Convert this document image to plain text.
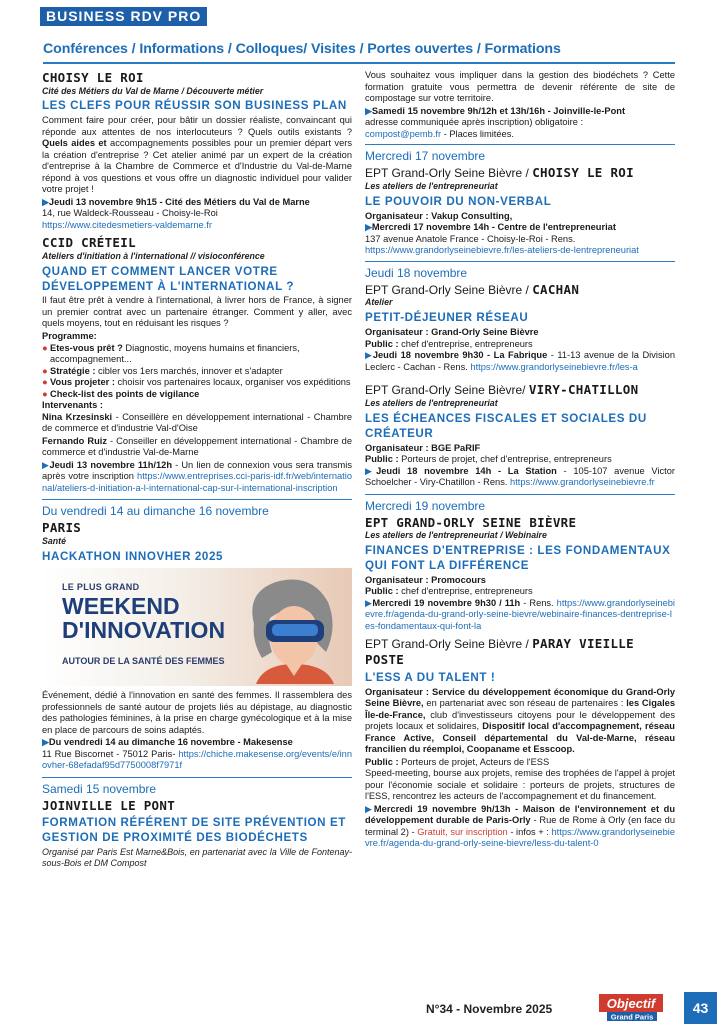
BUSINESS RDV PRO
Conférences / Informations / Colloques/ Visites / Portes ouvertes / Formations
CHOISY LE ROI
Cité des Métiers du Val de Marne / Découverte métier
LES CLEFS POUR RÉUSSIR SON BUSINESS PLAN

Comment faire pour créer, pour bâtir un dossier réaliste, convaincant qui réponde aux attentes de nos interlocuteurs ? Quels outils existants ? Quels aides et accompagnements possibles pour un premier départ vers la création d'entreprise ? Cet atelier animé par un expert de la création d'entreprise à la Chambre de Commerce et d'Industrie du Val-de-Marne répond à vos questions et vous offre un diagnostic individuel pour valider votre projet !

▶Jeudi 13 novembre 9h15 - Cité des Métiers du Val de Marne
14, rue Waldeck-Rousseau - Choisy-le-Roi
https://www.citedesmetiers-valdemarne.fr
CCID CRÉTEIL
Ateliers d'initiation à l'international // visioconférence
QUAND ET COMMENT LANCER VOTRE DÉVELOPPEMENT À L'INTERNATIONAL ?

Il faut être prêt à vendre à l'international, à livrer hors de France, à signer un premier contrat avec un partenaire étranger. Comment y aller, avec quels moyens, tout en réduisant les risques ?

Programme:
● Etes-vous prêt ? Diagnostic, moyens humains et financiers, accompagnement...
● Stratégie : cibler vos 1ers marchés, innover et s'adapter
● Vous projeter : choisir vos partenaires locaux, organiser vos expéditions
● Check-list des points de vigilance
Intervenants :

Nina Krzesinski - Conseillère en développement international - Chambre de commerce et d'industrie Val-d'Oise

Fernando Ruiz - Conseiller en développement international - Chambre de commerce et d'industrie Val-de-Marne

▶Jeudi 13 novembre 11h/12h - Un lien de connexion vous sera transmis après votre inscription https://www.entreprises.cci-paris-idf.fr/web/international/ateliers-d-initiation-a-l-international-cap-sur-l-international-inscription

Du vendredi 14 au dimanche 16 novembre
PARIS
Santé
HACKATHON INNOVHER 2025
LE PLUS GRAND
WEEKEND
D'INNOVATION
AUTOUR DE LA SANTÉ DES FEMMES

Événement, dédié à l'innovation en santé des femmes. Il rassemblera des professionnels de santé autour de projets liés au dépistage, au diagnostic des pathologies féminines, à la prise en charge gynécologique et à la mise en place de parcours de soins adaptés.

▶Du vendredi 14 au dimanche 16 novembre - Makesense

11 Rue Biscornet - 75012 Paris- https://chiche.makesense.org/events/e/innovher-68efadaf95d7750008f7971f

Samedi 15 novembre
JOINVILLE LE PONT
FORMATION RÉFÉRENT DE SITE PRÉVENTION ET GESTION DE PROXIMITÉ DES BIODÉCHETS

Organisé par Paris Est Marne&Bois, en partenariat avec la Ville de Fontenay-sous-Bois et DM Compost

Vous souhaitez vous impliquer dans la gestion des biodéchets ? Cette formation gratuite vous permettra de devenir référente de site de compostage sur votre territoire.

▶Samedi 15 novembre 9h/12h et 13h/16h - Joinville-le-Pont
adresse communiquée après inscription) obligatoire :
compost@pemb.fr - Places limitées.
Mercredi 17 novembre
EPT Grand-Orly Seine Bièvre / CHOISY LE ROI
Les ateliers de l'entrepreneuriat
LE POUVOIR DU NON-VERBAL
Organisateur : Vakup Consulting,
▶Mercredi 17 novembre 14h - Centre de l'entrepreneuriat
137 avenue Anatole France - Choisy-le-Roi - Rens.
https://www.grandorlyseinebievre.fr/les-ateliers-de-lentrepreneuriat
Jeudi 18 novembre
EPT Grand-Orly Seine Bièvre / CACHAN
Atelier
PETIT-DÉJEUNER RÉSEAU
Organisateur : Grand-Orly Seine Bièvre
Public : chef d'entreprise, entrepreneurs

▶Jeudi 18 novembre 9h30 - La Fabrique - 11-13 avenue de la Division Leclerc - Cachan - Rens. https://www.grandorlyseinebievre.fr/les-a

EPT Grand-Orly Seine Bièvre/ VIRY-CHATILLON
Les ateliers de l'entrepreneuriat
LES ÉCHEANCES FISCALES ET SOCIALES DU CRÉATEUR
Organisateur : BGE PaRIF
Public : Porteurs de projet, chef d'entreprise, entrepreneurs

▶Jeudi 18 novembre 14h - La Station - 105-107 avenue Victor Schoelcher - Viry-Chatillon - Rens. https://www.grandorlyseinebievre.fr

Mercredi 19 novembre
EPT GRAND-ORLY SEINE BIÈVRE
Les ateliers de l'entrepreneuriat / Webinaire
FINANCES D'ENTREPRISE : LES FONDAMENTAUX QUI FONT LA DIFFÉRENCE
Organisateur : Promocours
Public : chef d'entreprise, entrepreneurs

▶Mercredi 19 novembre 9h30 / 11h - Rens. https://www.grandorlyseinebievre.fr/agenda-du-grand-orly-seine-bievre/webinaire-finances-dentreprise-les-fondamentaux-qui-font-la

EPT Grand-Orly Seine Bièvre / PARAY VIEILLE POSTE
L'ESS A DU TALENT !

Organisateur : Service du développement économique du Grand-Orly Seine Bièvre, en partenariat avec son réseau de partenaires : les Cigales Île-de-France, club d'investisseurs citoyens pour le développement des projets locaux et solidaires, Dispositif local d'accompagnement, réseau France Active, Conseil départemental du Val-de-Marne, réseau francilien du réemploi, Coopaname et Esscoop.

Public : Porteurs de projet, Acteurs de l'ESS

Speed-meeting, bourse aux projets, remise des trophées de l'appel à projet pour l'économie sociale et solidaire : porteurs de projets, structures de l'ESS, rencontrez les acteurs de l'accompagnement et du financement.

▶Mercredi 19 novembre 9h/13h - Maison de l'environnement et du développement durable de Paris-Orly - Rue de Rome à Orly (en face du terminal 2) - Gratuit, sur inscription - infos + : https://www.grandorlyseinebievre.fr/agenda-du-grand-orly-seine-bievre/less-du-talent-0

N°34 - Novembre 2025	Objectif
Grand Paris
43
